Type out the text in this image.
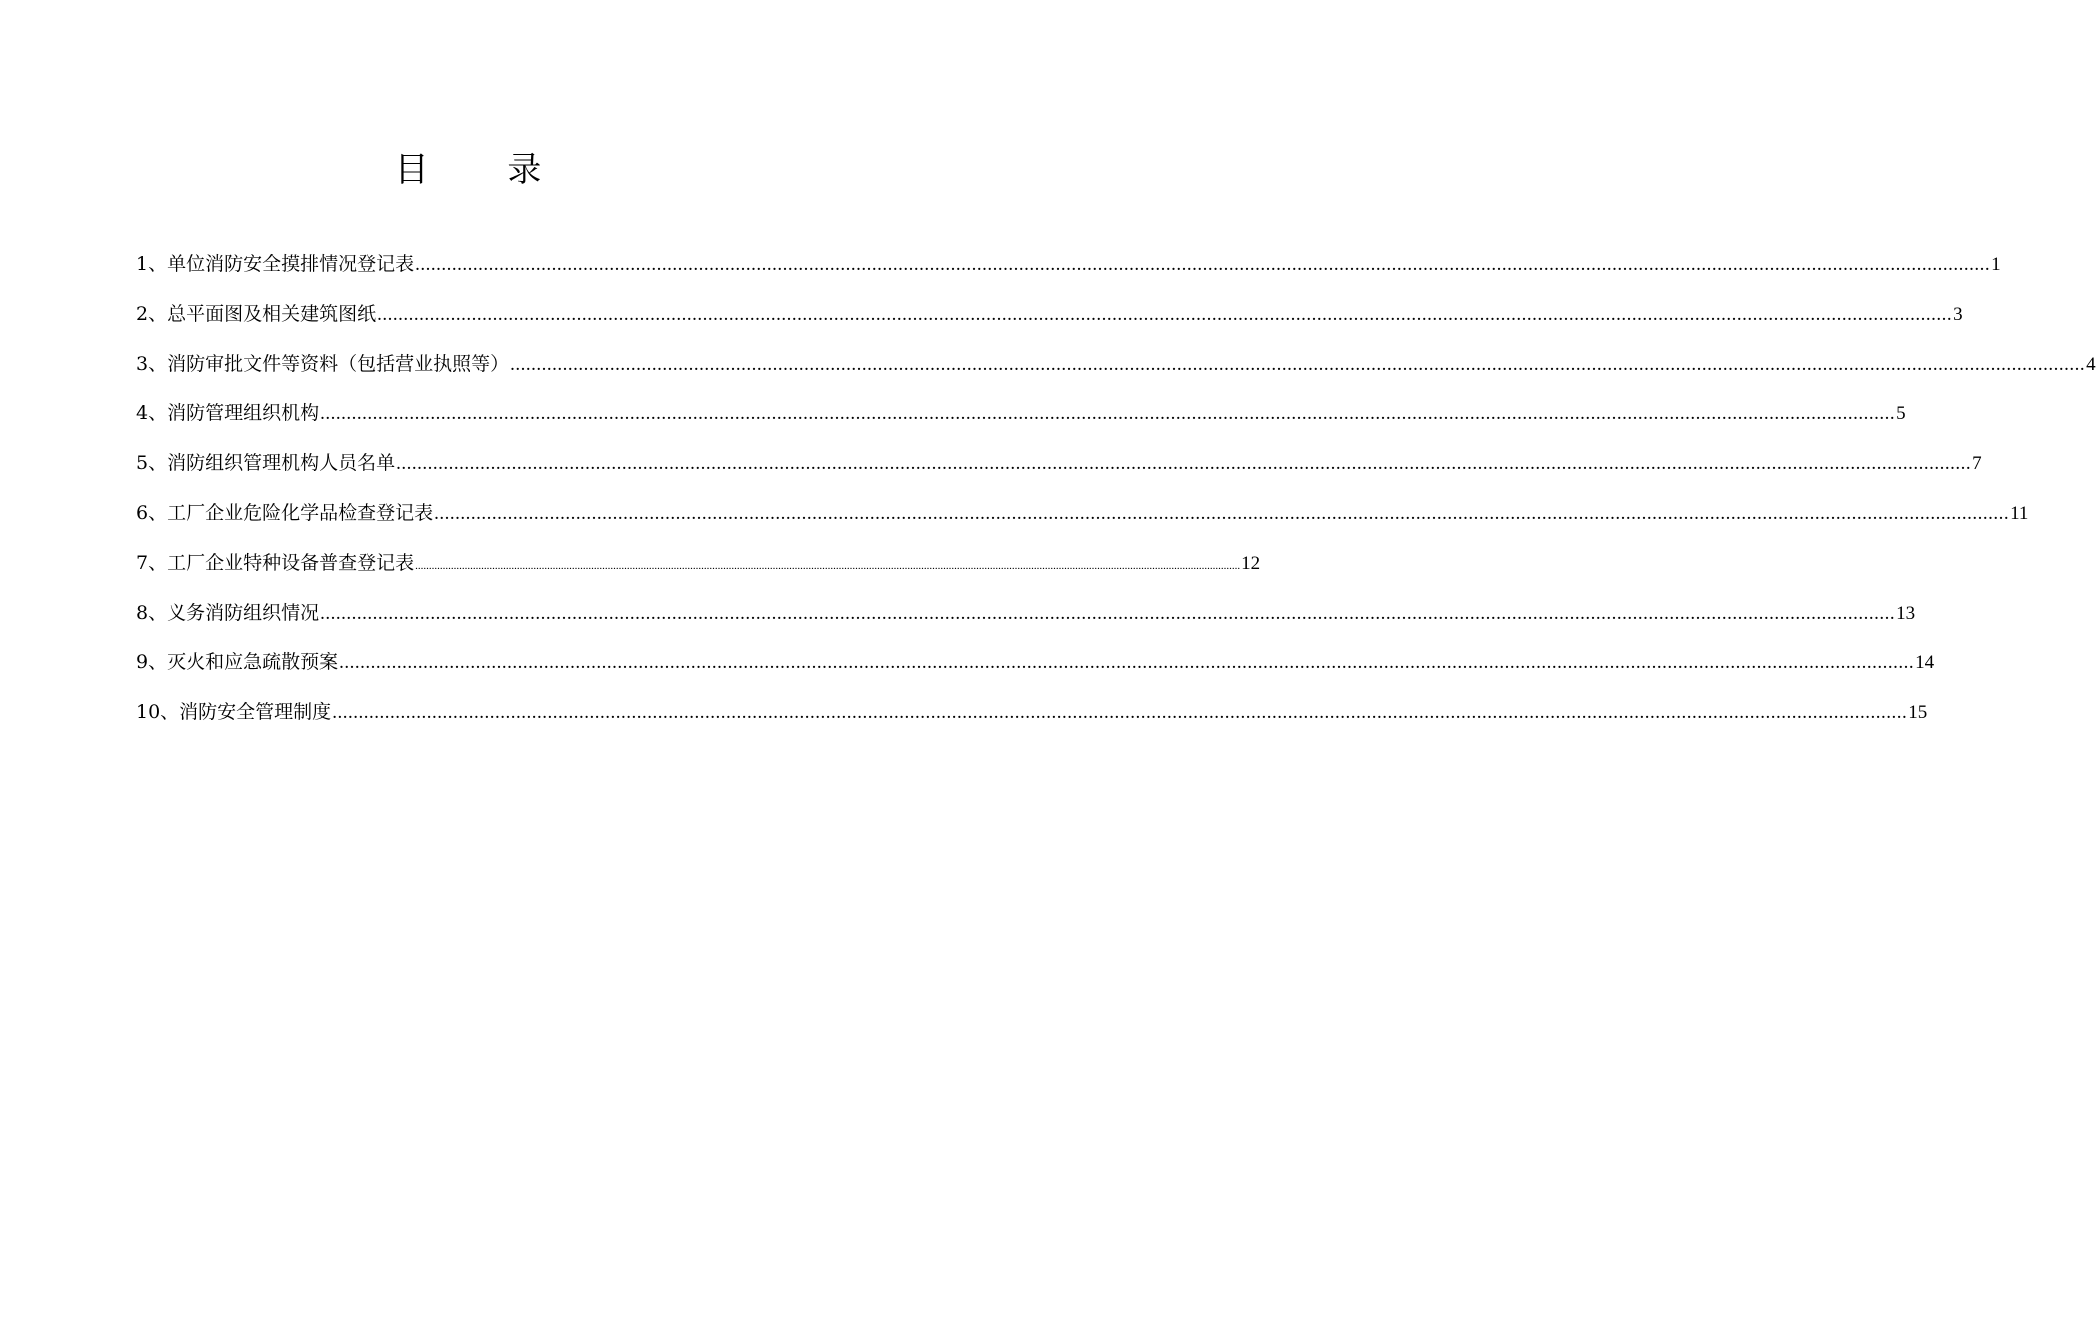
目 录
1、单位消防安全摸排情况登记表 ............................................................................................................................................................................................................................................................................................................ 1
2、总平面图及相关建筑图纸 ............................................................................................................................................................................................................................................................................................................ 3
3、消防审批文件等资料（包括营业执照等） ............................................................................................................................................................................................................................................................................................................ 4
4、消防管理组织机构 ............................................................................................................................................................................................................................................................................................................ 5
5、消防组织管理机构人员名单 ............................................................................................................................................................................................................................................................................................................ 7
6、工厂企业危险化学品检查登记表 ............................................................................................................................................................................................................................................................................................................ 11
7、工厂企业特种设备普查登记表 ............................................................................................................................................................................................................................................................................................................ 12
8、义务消防组织情况 ............................................................................................................................................................................................................................................................................................................ 13
9、灭火和应急疏散预案 ............................................................................................................................................................................................................................................................................................................ 14
10、消防安全管理制度 ............................................................................................................................................................................................................................................................................................................ 15
